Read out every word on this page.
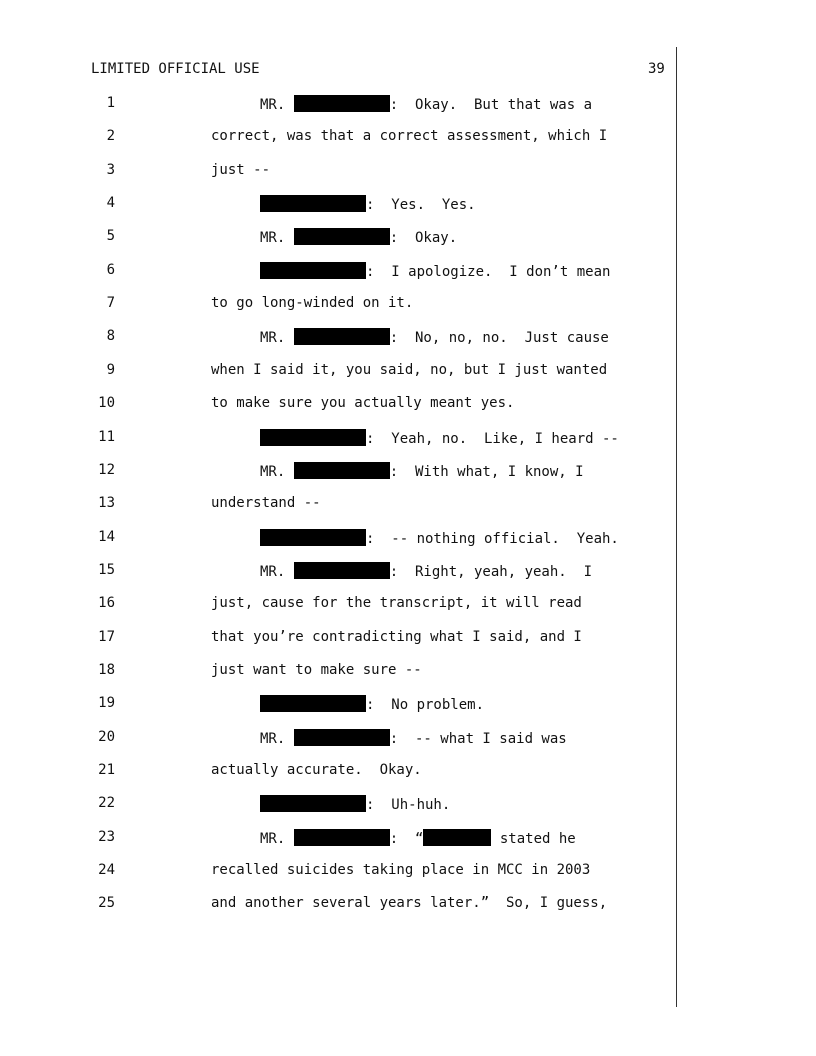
LIMITED OFFICIAL USE	39
1	MR.	:  Okay.  But that was a
2	correct, was that a correct assessment, which I
3	just --
4	:  Yes.  Yes.
5	MR.	:  Okay.
6	:  I apologize.  I don’t mean
7	to go long-winded on it.
8	MR.	:  No, no, no.  Just cause
9	when I said it, you said, no, but I just wanted
10	to make sure you actually meant yes.
11	:  Yeah, no.  Like, I heard --
12	MR.	:  With what, I know, I
13	understand --
14	:  -- nothing official.  Yeah.
15	MR.	:  Right, yeah, yeah.  I
16	just, cause for the transcript, it will read
17	that you’re contradicting what I said, and I
18	just want to make sure --
19	:  No problem.
20	MR.	:  -- what I said was
21	actually accurate.  Okay.
22	:  Uh-huh.
23	MR.	:  “	stated he
24	recalled suicides taking place in MCC in 2003
25	and another several years later.”  So, I guess,
